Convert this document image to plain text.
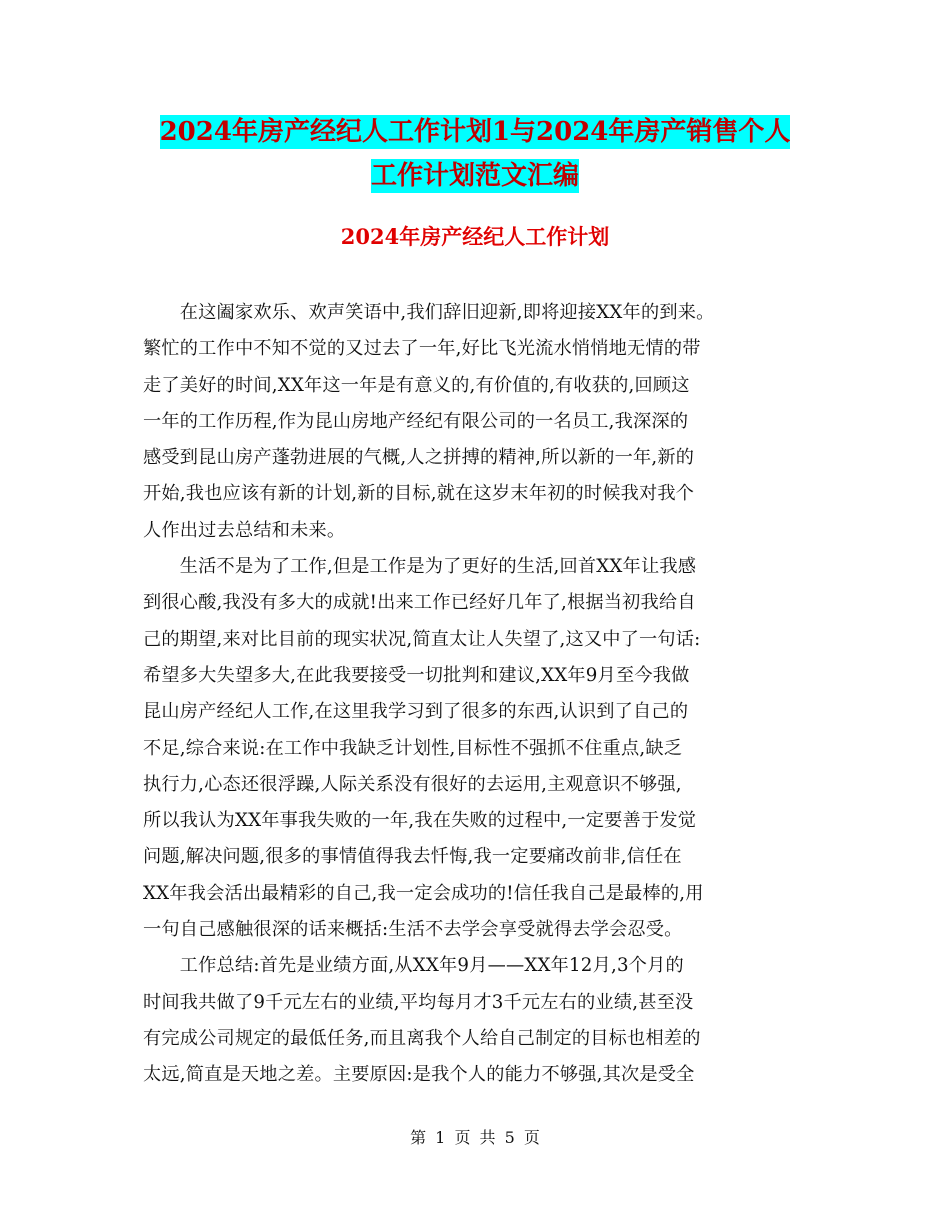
2024年房产经纪人工作计划1与2024年房产销售个人
工作计划范文汇编
2024年房产经纪人工作计划
　　在这阖家欢乐、欢声笑语中,我们辞旧迎新,即将迎接XX年的到来。
繁忙的工作中不知不觉的又过去了一年,好比飞光流水悄悄地无情的带
走了美好的时间,XX年这一年是有意义的,有价值的,有收获的,回顾这
一年的工作历程,作为昆山房地产经纪有限公司的一名员工,我深深的
感受到昆山房产蓬勃进展的气概,人之拼搏的精神,所以新的一年,新的
开始,我也应该有新的计划,新的目标,就在这岁末年初的时候我对我个
人作出过去总结和未来。
　　生活不是为了工作,但是工作是为了更好的生活,回首XX年让我感
到很心酸,我没有多大的成就!出来工作已经好几年了,根据当初我给自
己的期望,来对比目前的现实状况,简直太让人失望了,这又中了一句话:
希望多大失望多大,在此我要接受一切批判和建议,XX年9月至今我做
昆山房产经纪人工作,在这里我学习到了很多的东西,认识到了自己的
不足,综合来说:在工作中我缺乏计划性,目标性不强抓不住重点,缺乏
执行力,心态还很浮躁,人际关系没有很好的去运用,主观意识不够强,
所以我认为XX年事我失败的一年,我在失败的过程中,一定要善于发觉
问题,解决问题,很多的事情值得我去忏悔,我一定要痛改前非,信任在
XX年我会活出最精彩的自己,我一定会成功的!信任我自己是最棒的,用
一句自己感触很深的话来概括:生活不去学会享受就得去学会忍受。
　　工作总结:首先是业绩方面,从XX年9月——XX年12月,3个月的
时间我共做了9千元左右的业绩,平均每月才3千元左右的业绩,甚至没
有完成公司规定的最低任务,而且离我个人给自己制定的目标也相差的
太远,简直是天地之差。主要原因:是我个人的能力不够强,其次是受全
第 1 页 共 5 页
